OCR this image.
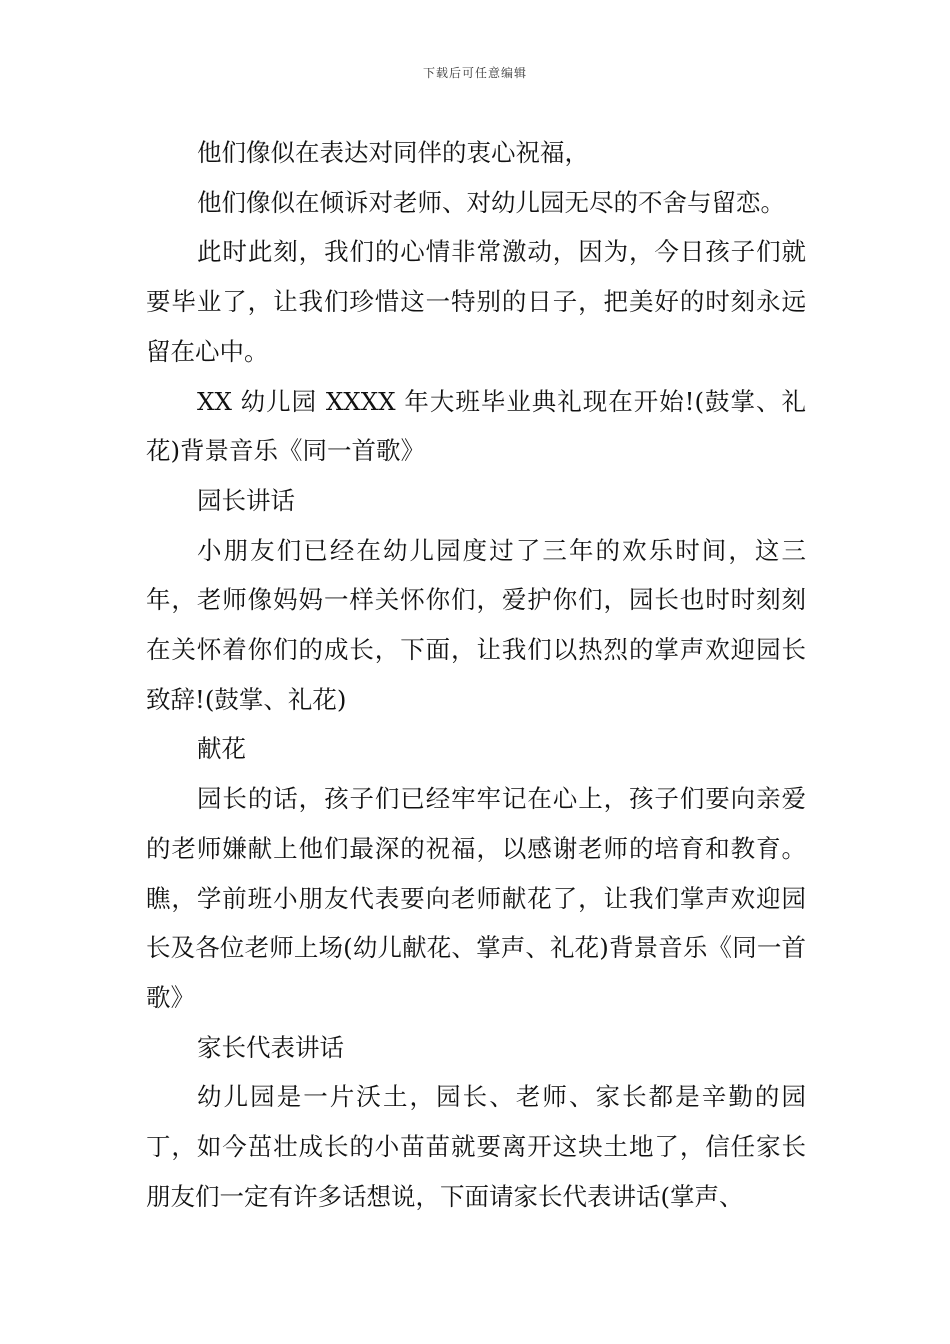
下载后可任意编辑

他们像似在表达对同伴的衷心祝福，

他们像似在倾诉对老师、对幼儿园无尽的不舍与留恋。

此时此刻，我们的心情非常激动，因为，今日孩子们就要毕业了，让我们珍惜这一特别的日子，把美好的时刻永远留在心中。

XX 幼儿园 XXXX 年大班毕业典礼现在开始!(鼓掌、礼花)背景音乐《同一首歌》

园长讲话

小朋友们已经在幼儿园度过了三年的欢乐时间，这三年，老师像妈妈一样关怀你们，爱护你们，园长也时时刻刻在关怀着你们的成长，下面，让我们以热烈的掌声欢迎园长致辞!(鼓掌、礼花)

献花

园长的话，孩子们已经牢牢记在心上，孩子们要向亲爱的老师嫌献上他们最深的祝福，以感谢老师的培育和教育。瞧，学前班小朋友代表要向老师献花了，让我们掌声欢迎园长及各位老师上场(幼儿献花、掌声、礼花)背景音乐《同一首歌》

家长代表讲话

幼儿园是一片沃土，园长、老师、家长都是辛勤的园丁，如今茁壮成长的小苗苗就要离开这块土地了，信任家长朋友们一定有许多话想说，下面请家长代表讲话(掌声、
